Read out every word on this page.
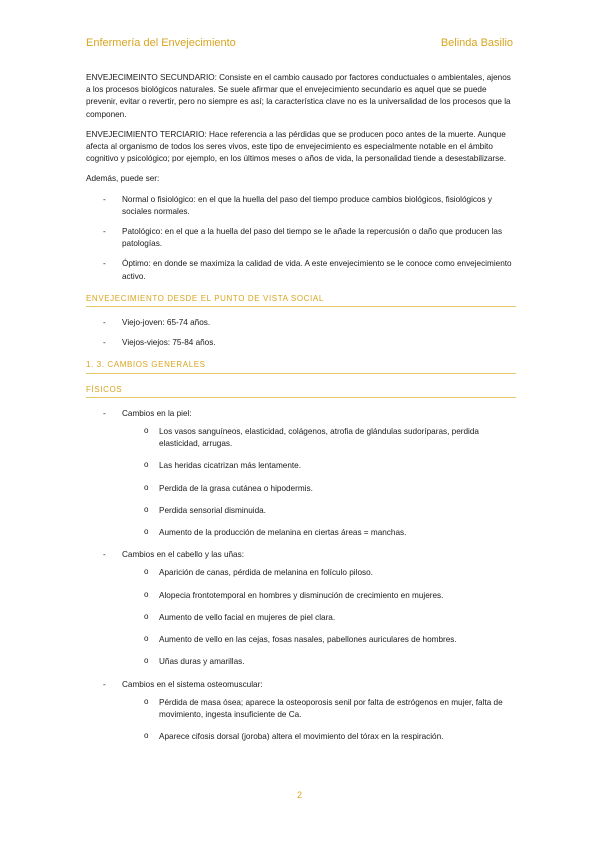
Enfermería del Envejecimiento	Belinda Basilio

ENVEJECIMEINTO SECUNDARIO: Consiste en el cambio causado por factores conductuales o ambientales, ajenos a los procesos biológicos naturales. Se suele afirmar que el envejecimiento secundario es aquel que se puede prevenir, evitar o revertir, pero no siempre es así; la característica clave no es la universalidad de los procesos que la componen.

ENVEJECIMIENTO TERCIARIO: Hace referencia a las pérdidas que se producen poco antes de la muerte. Aunque afecta al organismo de todos los seres vivos, este tipo de envejecimiento es especialmente notable en el ámbito cognitivo y psicológico; por ejemplo, en los últimos meses o años de vida, la personalidad tiende a desestabilizarse.

Además, puede ser:

- Normal o fisiológico: en el que la huella del paso del tiempo produce cambios biológicos, fisiológicos y sociales normales.
- Patológico: en el que a la huella del paso del tiempo se le añade la repercusión o daño que producen las patologías.
- Óptimo: en donde se maximiza la calidad de vida. A este envejecimiento se le conoce como envejecimiento activo.
ENVEJECIMIENTO DESDE EL PUNTO DE VISTA SOCIAL
- Viejo-joven: 65-74 años.
- Viejos-viejos: 75-84 años.
1. 3. CAMBIOS GENERALES
FÍSICOS
- Cambios en la piel:
o Los vasos sanguíneos, elasticidad, colágenos, atrofia de glándulas sudoríparas, perdida elasticidad, arrugas.
o Las heridas cicatrizan más lentamente.
o Perdida de la grasa cutánea o hipodermis.
o Perdida sensorial disminuida.
o Aumento de la producción de melanina en ciertas áreas = manchas.
- Cambios en el cabello y las uñas:
o Aparición de canas, pérdida de melanina en folículo piloso.
o Alopecia frontotemporal en hombres y disminución de crecimiento en mujeres.
o Aumento de vello facial en mujeres de piel clara.
o Aumento de vello en las cejas, fosas nasales, pabellones auriculares de hombres.
o Uñas duras y amarillas.
- Cambios en el sistema osteomuscular:
o Pérdida de masa ósea; aparece la osteoporosis senil por falta de estrógenos en mujer, falta de movimiento, ingesta insuficiente de Ca.
o Aparece cifosis dorsal (joroba) altera el movimiento del tórax en la respiración.
2
